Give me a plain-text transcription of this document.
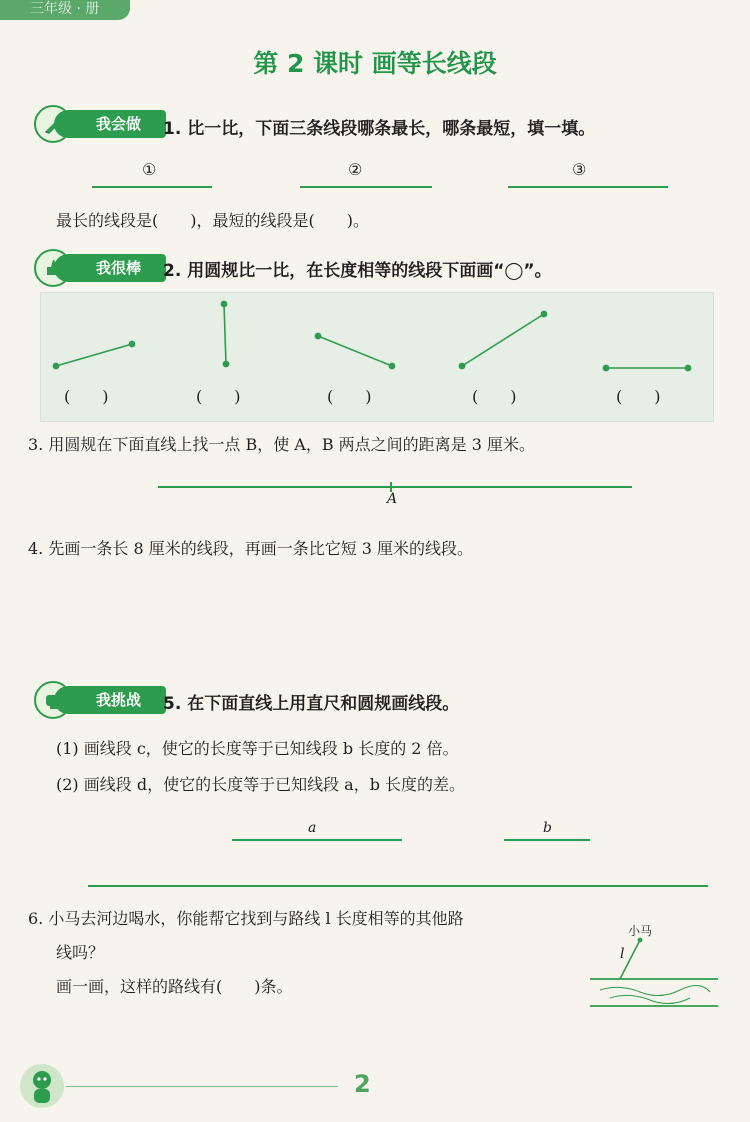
三年级 · 册
第 2 课时 画等长线段
我会做	1. 比一比，下面三条线段哪条最长，哪条最短，填一填。
①	②	③
最长的线段是(　　)，最短的线段是(　　)。
我很棒	2. 用圆规比一比，在长度相等的线段下面画“◯”。
(　　)	(　　)	(　　)	(　　)	(　　)
3. 用圆规在下面直线上找一点 B，使 A，B 两点之间的距离是 3 厘米。
A
4. 先画一条长 8 厘米的线段，再画一条比它短 3 厘米的线段。
我挑战	5. 在下面直线上用直尺和圆规画线段。
(1) 画线段 c，使它的长度等于已知线段 b 长度的 2 倍。
(2) 画线段 d，使它的长度等于已知线段 a，b 长度的差。
a	b
6. 小马去河边喝水，你能帮它找到与路线 l 长度相等的其他路
线吗？
画一画，这样的路线有(　　)条。
小马
l
2
